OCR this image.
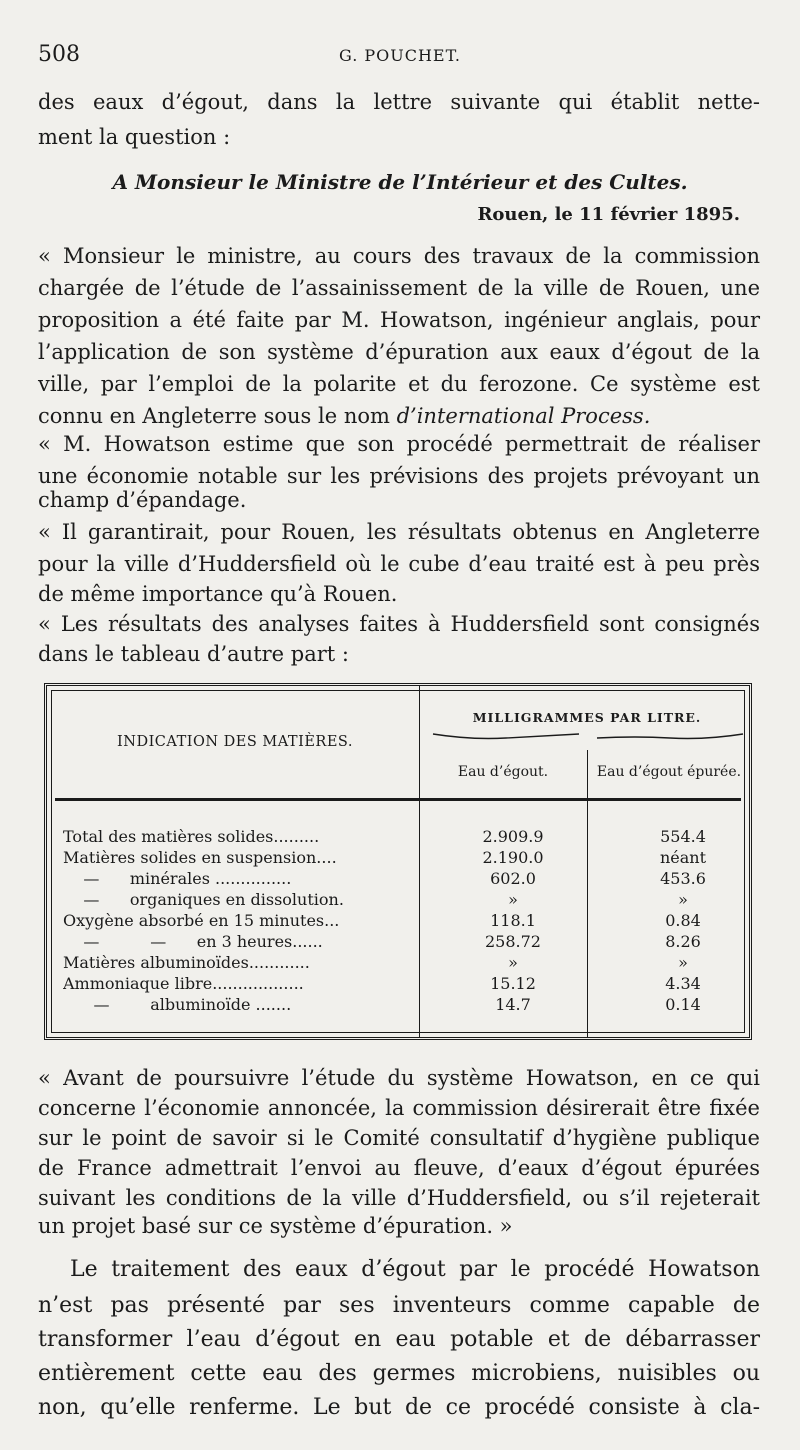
508	G. POUCHET.
des eaux d’égout, dans la lettre suivante qui établit nette-
ment la question :
A Monsieur le Ministre de l’Intérieur et des Cultes.
Rouen, le 11 février 1895.
« Monsieur le ministre, au cours des travaux de la commission
chargée de l’étude de l’assainissement de la ville de Rouen, une
proposition a été faite par M. Howatson, ingénieur anglais, pour
l’application de son système d’épuration aux eaux d’égout de la
ville, par l’emploi de la polarite et du ferozone. Ce système est
connu en Angleterre sous le nom d’international Process.
« M. Howatson estime que son procédé permettrait de réaliser
une économie notable sur les prévisions des projets prévoyant un
champ d’épandage.
« Il garantirait, pour Rouen, les résultats obtenus en Angleterre
pour la ville d’Huddersfield où le cube d’eau traité est à peu près
de même importance qu’à Rouen.
« Les résultats des analyses faites à Huddersfield sont consignés
dans le tableau d’autre part :
INDICATION DES MATIÈRES.
MILLIGRAMMES PAR LITRE.
Eau d’égout.	Eau d’égout épurée.
Total des matières solides.........	2.909.9	554.4
Matières solides en suspension....	2.190.0	néant
—      minérales ...............	602.0	453.6
—      organiques en dissolution.	»	»
Oxygène absorbé en 15 minutes...	118.1	0.84
—          —      en 3 heures......	258.72	8.26
Matières albuminoïdes............	»	»
Ammoniaque libre..................	15.12	4.34
—        albuminoïde .......	14.7	0.14
« Avant de poursuivre l’étude du système Howatson, en ce qui
concerne l’économie annoncée, la commission désirerait être fixée
sur le point de savoir si le Comité consultatif d’hygiène publique
de France admettrait l’envoi au fleuve, d’eaux d’égout épurées
suivant les conditions de la ville d’Huddersfield, ou s’il rejeterait
un projet basé sur ce système d’épuration. »
Le traitement des eaux d’égout par le procédé Howatson
n’est pas présenté par ses inventeurs comme capable de
transformer l’eau d’égout en eau potable et de débarrasser
entièrement cette eau des germes microbiens, nuisibles ou
non, qu’elle renferme. Le but de ce procédé consiste à cla-
